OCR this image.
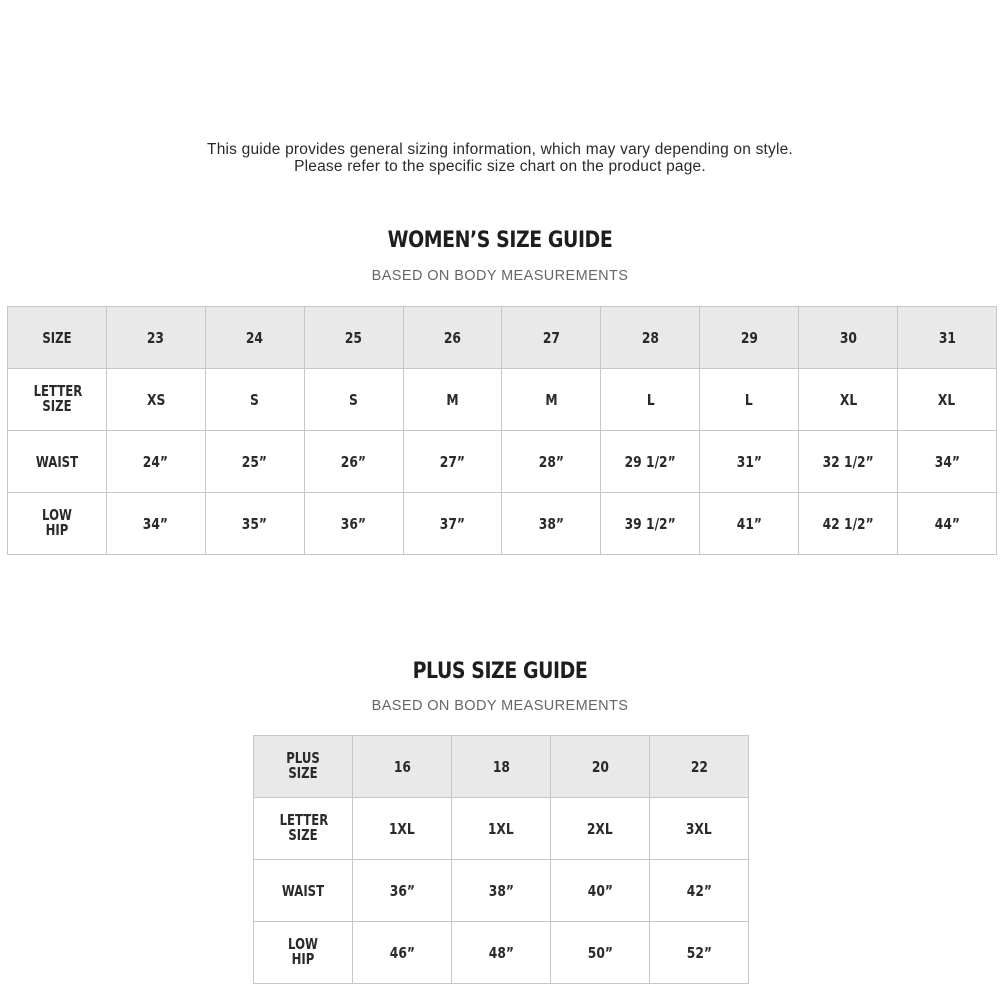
This guide provides general sizing information, which may vary depending on style.
Please refer to the specific size chart on the product page.
WOMEN’S SIZE GUIDE
BASED ON BODY MEASUREMENTS
SIZE	23	24	25	26	27	28	29	30	31
LETTER SIZE	XS	S	S	M	M	L	L	XL	XL
WAIST	24”	25”	26”	27”	28”	29 1/2”	31”	32 1/2”	34”
LOW HIP	34”	35”	36”	37”	38”	39 1/2”	41”	42 1/2”	44”
PLUS SIZE GUIDE
BASED ON BODY MEASUREMENTS
PLUS SIZE	16	18	20	22
LETTER SIZE	1XL	1XL	2XL	3XL
WAIST	36”	38”	40”	42”
LOW HIP	46”	48”	50”	52”
